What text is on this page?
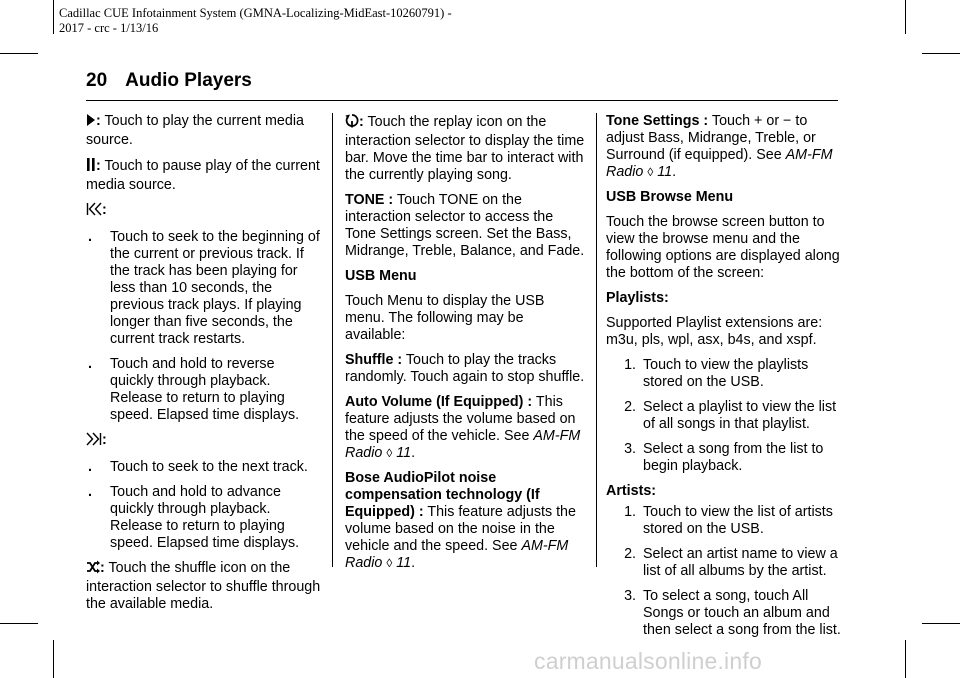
Cadillac CUE Infotainment System (GMNA-Localizing-MidEast-10260791) -
2017 - crc - 1/13/16
20 Audio Players

: Touch to play the current media source.

: Touch to pause play of the current media source.

:

.	Touch to seek to the beginning of the current or previous track. If the track has been playing for less than 10 seconds, the previous track plays. If playing longer than five seconds, the current track restarts.
.	Touch and hold to reverse quickly through playback. Release to return to playing speed. Elapsed time displays.

:

.	Touch to seek to the next track.
.	Touch and hold to advance quickly through playback. Release to return to playing speed. Elapsed time displays.

: Touch the shuffle icon on the interaction selector to shuffle through the available media.

: Touch the replay icon on the interaction selector to display the time bar. Move the time bar to interact with the currently playing song.

TONE : Touch TONE on the interaction selector to access the Tone Settings screen. Set the Bass, Midrange, Treble, Balance, and Fade.

USB Menu

Touch Menu to display the USB menu. The following may be available:

Shuffle : Touch to play the tracks randomly. Touch again to stop shuffle.

Auto Volume (If Equipped) : This feature adjusts the volume based on the speed of the vehicle. See AM-FM Radio ◊ 11.

Bose AudioPilot noise compensation technology (If Equipped) : This feature adjusts the volume based on the noise in the vehicle and the speed. See AM-FM Radio ◊ 11.

Tone Settings : Touch + or − to adjust Bass, Midrange, Treble, or Surround (if equipped). See AM-FM Radio ◊ 11.

USB Browse Menu

Touch the browse screen button to view the browse menu and the following options are displayed along the bottom of the screen:

Playlists:

Supported Playlist extensions are: m3u, pls, wpl, asx, b4s, and xspf.

1. Touch to view the playlists stored on the USB.
2. Select a playlist to view the list of all songs in that playlist.
3. Select a song from the list to begin playback.

Artists:

1. Touch to view the list of artists stored on the USB.
2. Select an artist name to view a list of all albums by the artist.
3. To select a song, touch All Songs or touch an album and then select a song from the list.
carmanualsonline.info
